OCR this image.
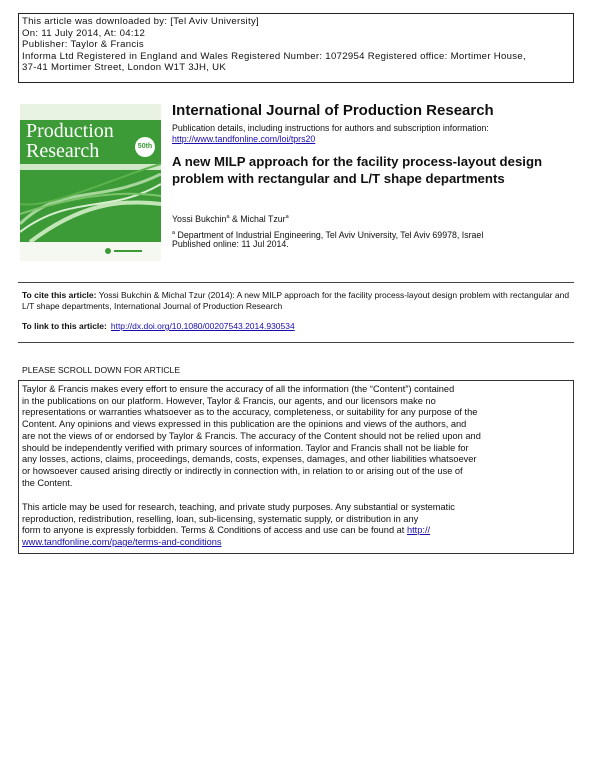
This article was downloaded by: [Tel Aviv University]
On: 11 July 2014, At: 04:12
Publisher: Taylor & Francis
Informa Ltd Registered in England and Wales Registered Number: 1072954 Registered office: Mortimer House,
37-41 Mortimer Street, London W1T 3JH, UK
Production
Research	50th
International Journal of Production Research
Publication details, including instructions for authors and subscription information:
http://www.tandfonline.com/loi/tprs20
A new MILP approach for the facility process-layout design problem with rectangular and L/T shape departments
Yossi Bukchin$^a$ & Michal Tzur$^a$
$^a$ Department of Industrial Engineering, Tel Aviv University, Tel Aviv 69978, Israel
Published online: 11 Jul 2014.
To cite this article: Yossi Bukchin & Michal Tzur (2014): A new MILP approach for the facility process-layout design problem with rectangular and L/T shape departments, International Journal of Production Research
To link to this article: http://dx.doi.org/10.1080/00207543.2014.930534
PLEASE SCROLL DOWN FOR ARTICLE
Taylor & Francis makes every effort to ensure the accuracy of all the information (the “Content”) contained
in the publications on our platform. However, Taylor & Francis, our agents, and our licensors make no
representations or warranties whatsoever as to the accuracy, completeness, or suitability for any purpose of the
Content. Any opinions and views expressed in this publication are the opinions and views of the authors, and
are not the views of or endorsed by Taylor & Francis. The accuracy of the Content should not be relied upon and
should be independently verified with primary sources of information. Taylor and Francis shall not be liable for
any losses, actions, claims, proceedings, demands, costs, expenses, damages, and other liabilities whatsoever
or howsoever caused arising directly or indirectly in connection with, in relation to or arising out of the use of
the Content.
This article may be used for research, teaching, and private study purposes. Any substantial or systematic
reproduction, redistribution, reselling, loan, sub-licensing, systematic supply, or distribution in any
form to anyone is expressly forbidden. Terms & Conditions of access and use can be found at http://
www.tandfonline.com/page/terms-and-conditions
